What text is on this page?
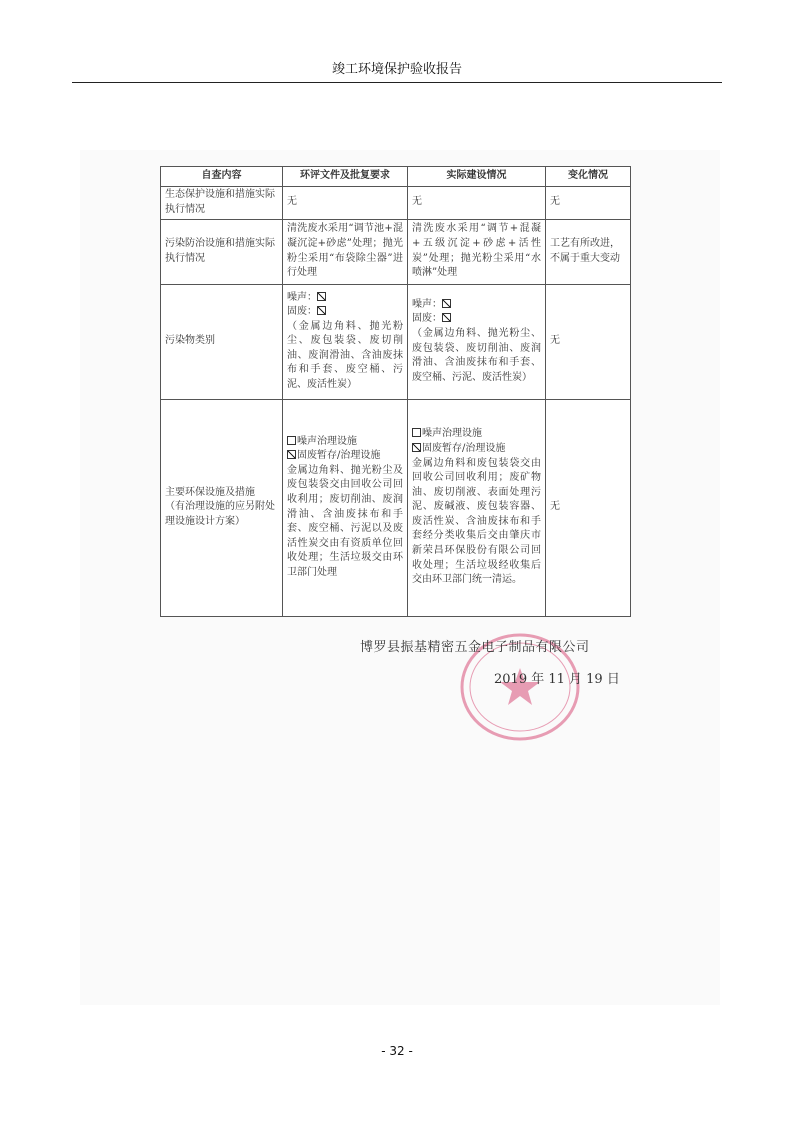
竣工环境保护验收报告
自查内容	环评文件及批复要求	实际建设情况	变化情况
生态保护设施和措施实际执行情况	无	无	无
污染防治设施和措施实际执行情况	清洗废水采用“调节池+混凝沉淀+砂虑”处理；抛光粉尘采用“布袋除尘器”进行处理	清洗废水采用“调节+混凝+五级沉淀+砂虑+活性炭”处理；抛光粉尘采用“水喷淋”处理	工艺有所改进，不属于重大变动
污染物类别	噪声：
固废：
（金属边角料、抛光粉尘、废包装袋、废切削油、废润滑油、含油废抹布和手套、废空桶、污泥、废活性炭）	噪声：
固废：
（金属边角料、抛光粉尘、废包装袋、废切削油、废润滑油、含油废抹布和手套、废空桶、污泥、废活性炭）	无

主要环保设施及措施
（有治理设施的应另附处理设施设计方案）	噪声治理设施
固废暂存/治理设施
金属边角料、抛光粉尘及废包装袋交由回收公司回收利用；废切削油、废润滑油、含油废抹布和手套、废空桶、污泥以及废活性炭交由有资质单位回收处理；生活垃圾交由环卫部门处理	噪声治理设施
固废暂存/治理设施
金属边角料和废包装袋交由回收公司回收利用；废矿物油、废切削液、表面处理污泥、废碱液、废包装容器、废活性炭、含油废抹布和手套经分类收集后交由肇庆市新荣昌环保股份有限公司回收处理；生活垃圾经收集后交由环卫部门统一清运。	无
博罗县振基精密五金电子制品有限公司
2019 年 11 月 19 日
- 32 -
